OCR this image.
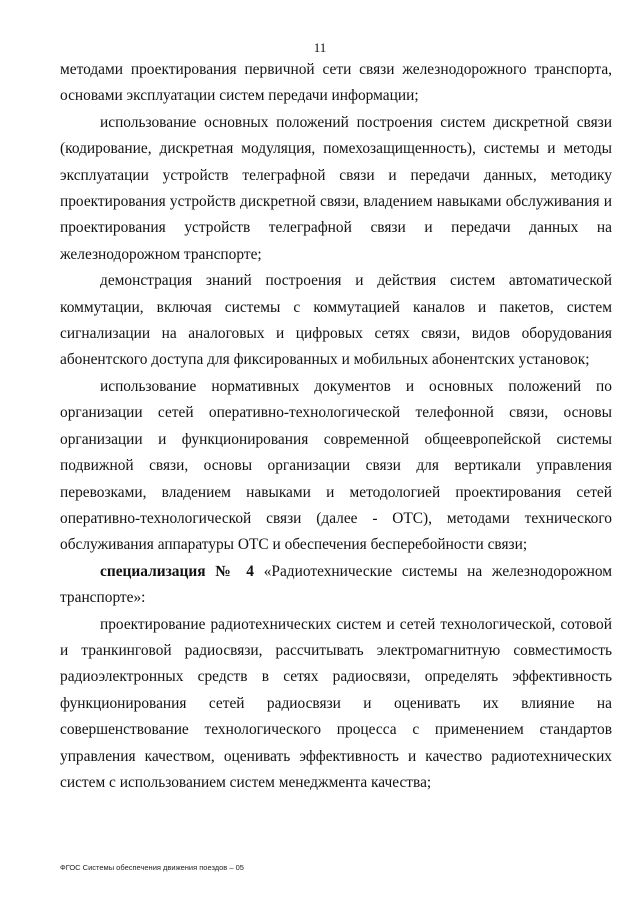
11

методами проектирования первичной сети связи железнодорожного транспорта, основами эксплуатации систем передачи информации;

использование основных положений построения систем дискретной связи (кодирование, дискретная модуляция, помехозащищенность), системы и методы эксплуатации устройств телеграфной связи и передачи данных, методику проектирования устройств дискретной связи, владением навыками обслуживания и проектирования устройств телеграфной связи и передачи данных на железнодорожном транспорте;

демонстрация знаний построения и действия систем автоматической коммутации, включая системы с коммутацией каналов и пакетов, систем сигнализации на аналоговых и цифровых сетях связи, видов оборудования абонентского доступа для фиксированных и мобильных абонентских установок;

использование нормативных документов и основных положений по организации сетей оперативно-технологической телефонной связи, основы организации и функционирования современной общеевропейской системы подвижной связи, основы организации связи для вертикали управления перевозками, владением навыками и методологией проектирования сетей оперативно-технологической связи (далее - ОТС), методами технического обслуживания аппаратуры ОТС и обеспечения бесперебойности связи;

специализация № 4 «Радиотехнические системы на железнодорожном транспорте»:

проектирование радиотехнических систем и сетей технологической, сотовой и транкинговой радиосвязи, рассчитывать электромагнитную совместимость радиоэлектронных средств в сетях радиосвязи, определять эффективность функционирования сетей радиосвязи и оценивать их влияние на совершенствование технологического процесса с применением стандартов управления качеством, оценивать эффективность и качество радиотехнических систем с использованием систем менеджмента качества;

ФГОС Системы обеспечения движения поездов – 05
